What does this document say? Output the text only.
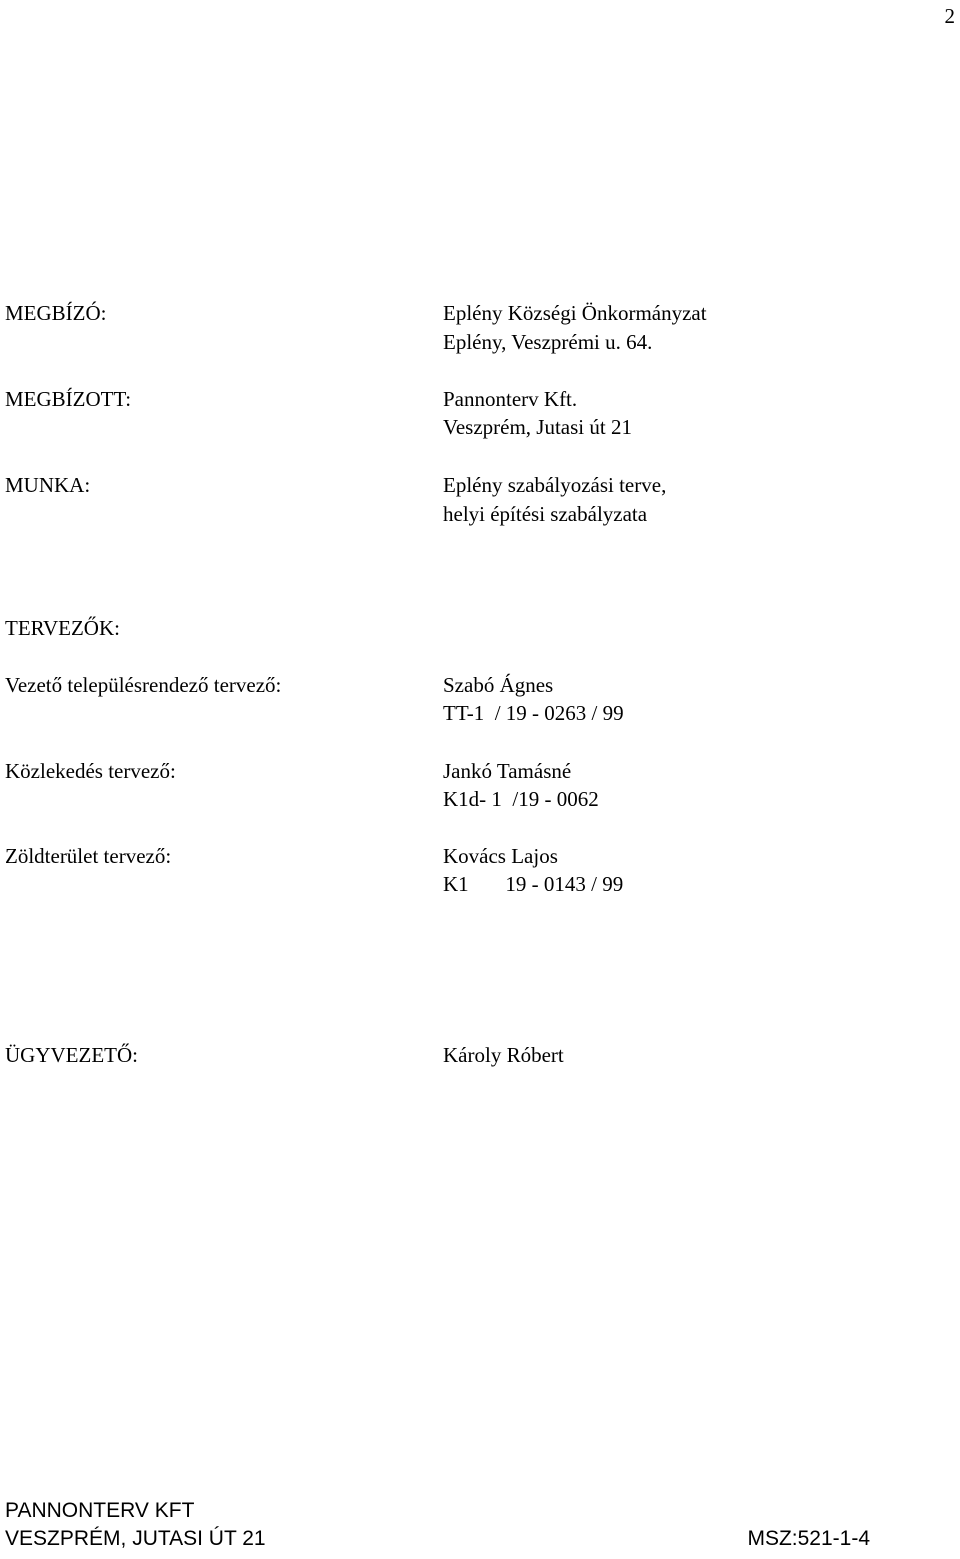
2
MEGBÍZÓ:	Eplény Községi Önkormányzat
Eplény, Veszprémi u. 64.
MEGBÍZOTT:	Pannonterv Kft.
Veszprém, Jutasi út 21
MUNKA:	Eplény szabályozási terve,
helyi építési szabályzata
TERVEZŐK:
Vezető településrendező tervező:	Szabó Ágnes
TT-1  / 19 - 0263 / 99
Közlekedés tervező:	Jankó Tamásné
K1d- 1  /19 - 0062
Zöldterület tervező:	Kovács Lajos
K1       19 - 0143 / 99
ÜGYVEZETŐ:	Károly Róbert
PANNONTERV KFT
VESZPRÉM, JUTASI ÚT 21	MSZ:521-1-4
